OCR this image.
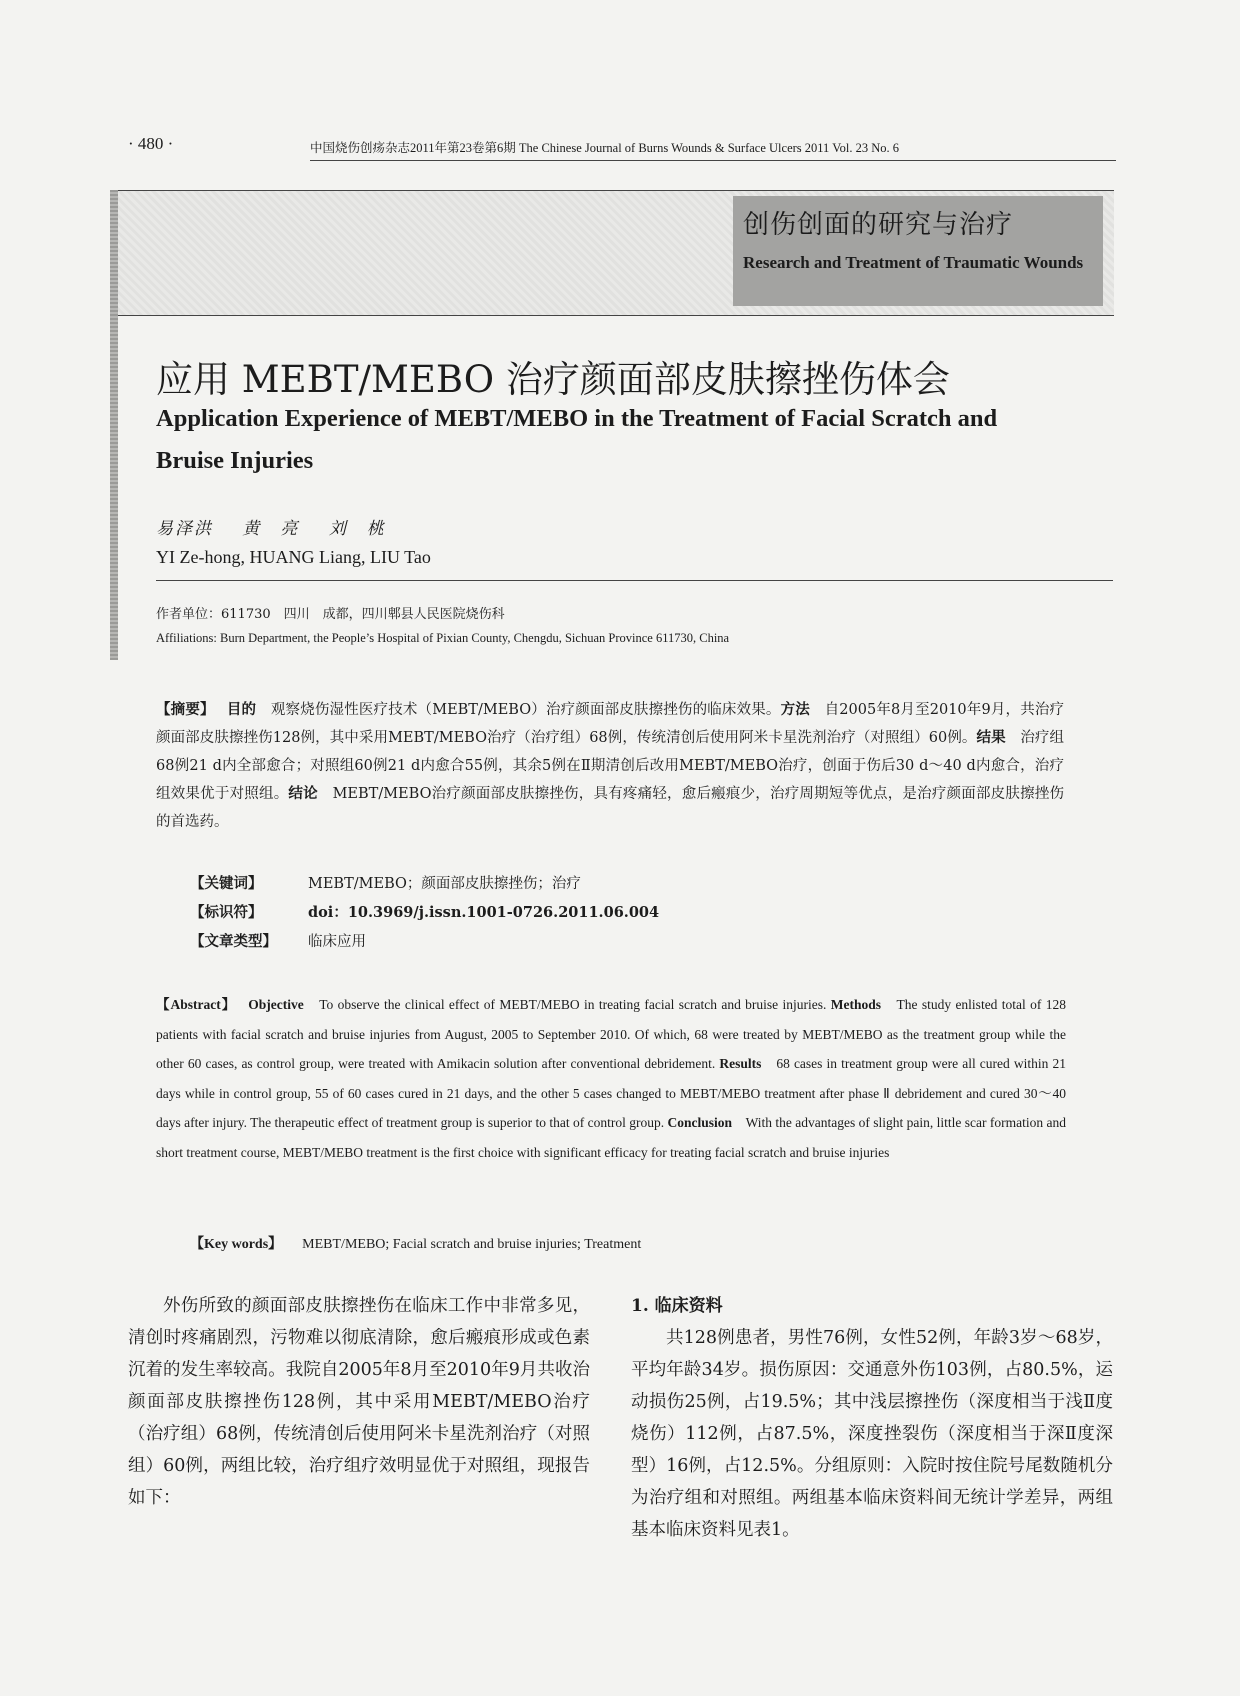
· 480 ·	中国烧伤创疡杂志2011年第23卷第6期 The Chinese Journal of Burns Wounds & Surface Ulcers 2011 Vol. 23 No. 6
创伤创面的研究与治疗
Research and Treatment of Traumatic Wounds
应用 MEBT/MEBO 治疗颜面部皮肤擦挫伤体会
Application Experience of MEBT/MEBO in the Treatment of Facial Scratch and Bruise Injuries
易泽洪 黄　亮 刘　桃
YI Ze-hong, HUANG Liang, LIU Tao
作者单位：611730　四川　成都，四川郫县人民医院烧伤科
Affiliations: Burn Department, the People’s Hospital of Pixian County, Chengdu, Sichuan Province 611730, China
【摘要】　 目的　 观察烧伤湿性医疗技术（MEBT/MEBO）治疗颜面部皮肤擦挫伤的临床效果。方法　 自2005年8月至2010年9月，共治疗颜面部皮肤擦挫伤128例，其中采用MEBT/MEBO治疗（治疗组）68例，传统清创后使用阿米卡星洗剂治疗（对照组）60例。结果　 治疗组68例21 d内全部愈合；对照组60例21 d内愈合55例，其余5例在Ⅱ期清创后改用MEBT/MEBO治疗，创面于伤后30 d～40 d内愈合，治疗组效果优于对照组。结论　 MEBT/MEBO治疗颜面部皮肤擦挫伤，具有疼痛轻，愈后瘢痕少，治疗周期短等优点，是治疗颜面部皮肤擦挫伤的首选药。
【关键词】	MEBT/MEBO；颜面部皮肤擦挫伤；治疗
【标识符】	doi：10.3969/j.issn.1001-0726.2011.06.004
【文章类型】 临床应用
【Abstract】　 Objective　 To observe the clinical effect of MEBT/MEBO in treating facial scratch and bruise injuries. Methods　 The study enlisted total of 128 patients with facial scratch and bruise injuries from August, 2005 to September 2010. Of which, 68 were treated by MEBT/MEBO as the treatment group while the other 60 cases, as control group, were treated with Amikacin solution after conventional debridement. Results　 68 cases in treatment group were all cured within 21 days while in control group, 55 of 60 cases cured in 21 days, and the other 5 cases changed to MEBT/MEBO treatment after phase Ⅱ debridement and cured 30～40 days after injury. The therapeutic effect of treatment group is superior to that of control group. Conclusion　 With the advantages of slight pain, little scar formation and short treatment course, MEBT/MEBO treatment is the first choice with significant efficacy for treating facial scratch and bruise injuries
【Key words】 MEBT/MEBO; Facial scratch and bruise injuries; Treatment
外伤所致的颜面部皮肤擦挫伤在临床工作中非常多见，清创时疼痛剧烈，污物难以彻底清除，愈后瘢痕形成或色素沉着的发生率较高。我院自2005年8月至2010年9月共收治颜面部皮肤擦挫伤128例，其中采用MEBT/MEBO治疗（治疗组）68例，传统清创后使用阿米卡星洗剂治疗（对照组）60例，两组比较，治疗组疗效明显优于对照组，现报告如下：
1. 临床资料
共128例患者，男性76例，女性52例，年龄3岁～68岁，平均年龄34岁。损伤原因：交通意外伤103例，占80.5%，运动损伤25例，占19.5%；其中浅层擦挫伤（深度相当于浅Ⅱ度烧伤）112例，占87.5%，深度挫裂伤（深度相当于深Ⅱ度深型）16例，占12.5%。分组原则：入院时按住院号尾数随机分为治疗组和对照组。两组基本临床资料间无统计学差异，两组基本临床资料见表1。
